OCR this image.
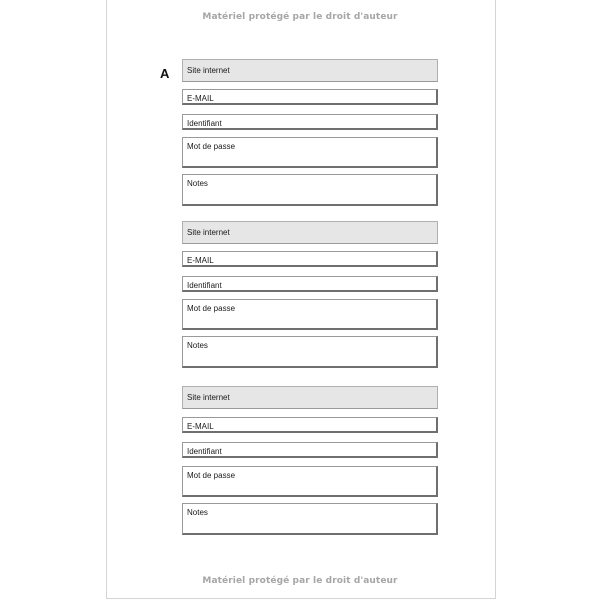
Matériel protégé par le droit d'auteur
A Site internet
E-MAIL
Identifiant
Mot de passe
Notes
Site internet
E-MAIL
Identifiant
Mot de passe
Notes
Site internet
E-MAIL
Identifiant
Mot de passe
Notes
Matériel protégé par le droit d'auteur
